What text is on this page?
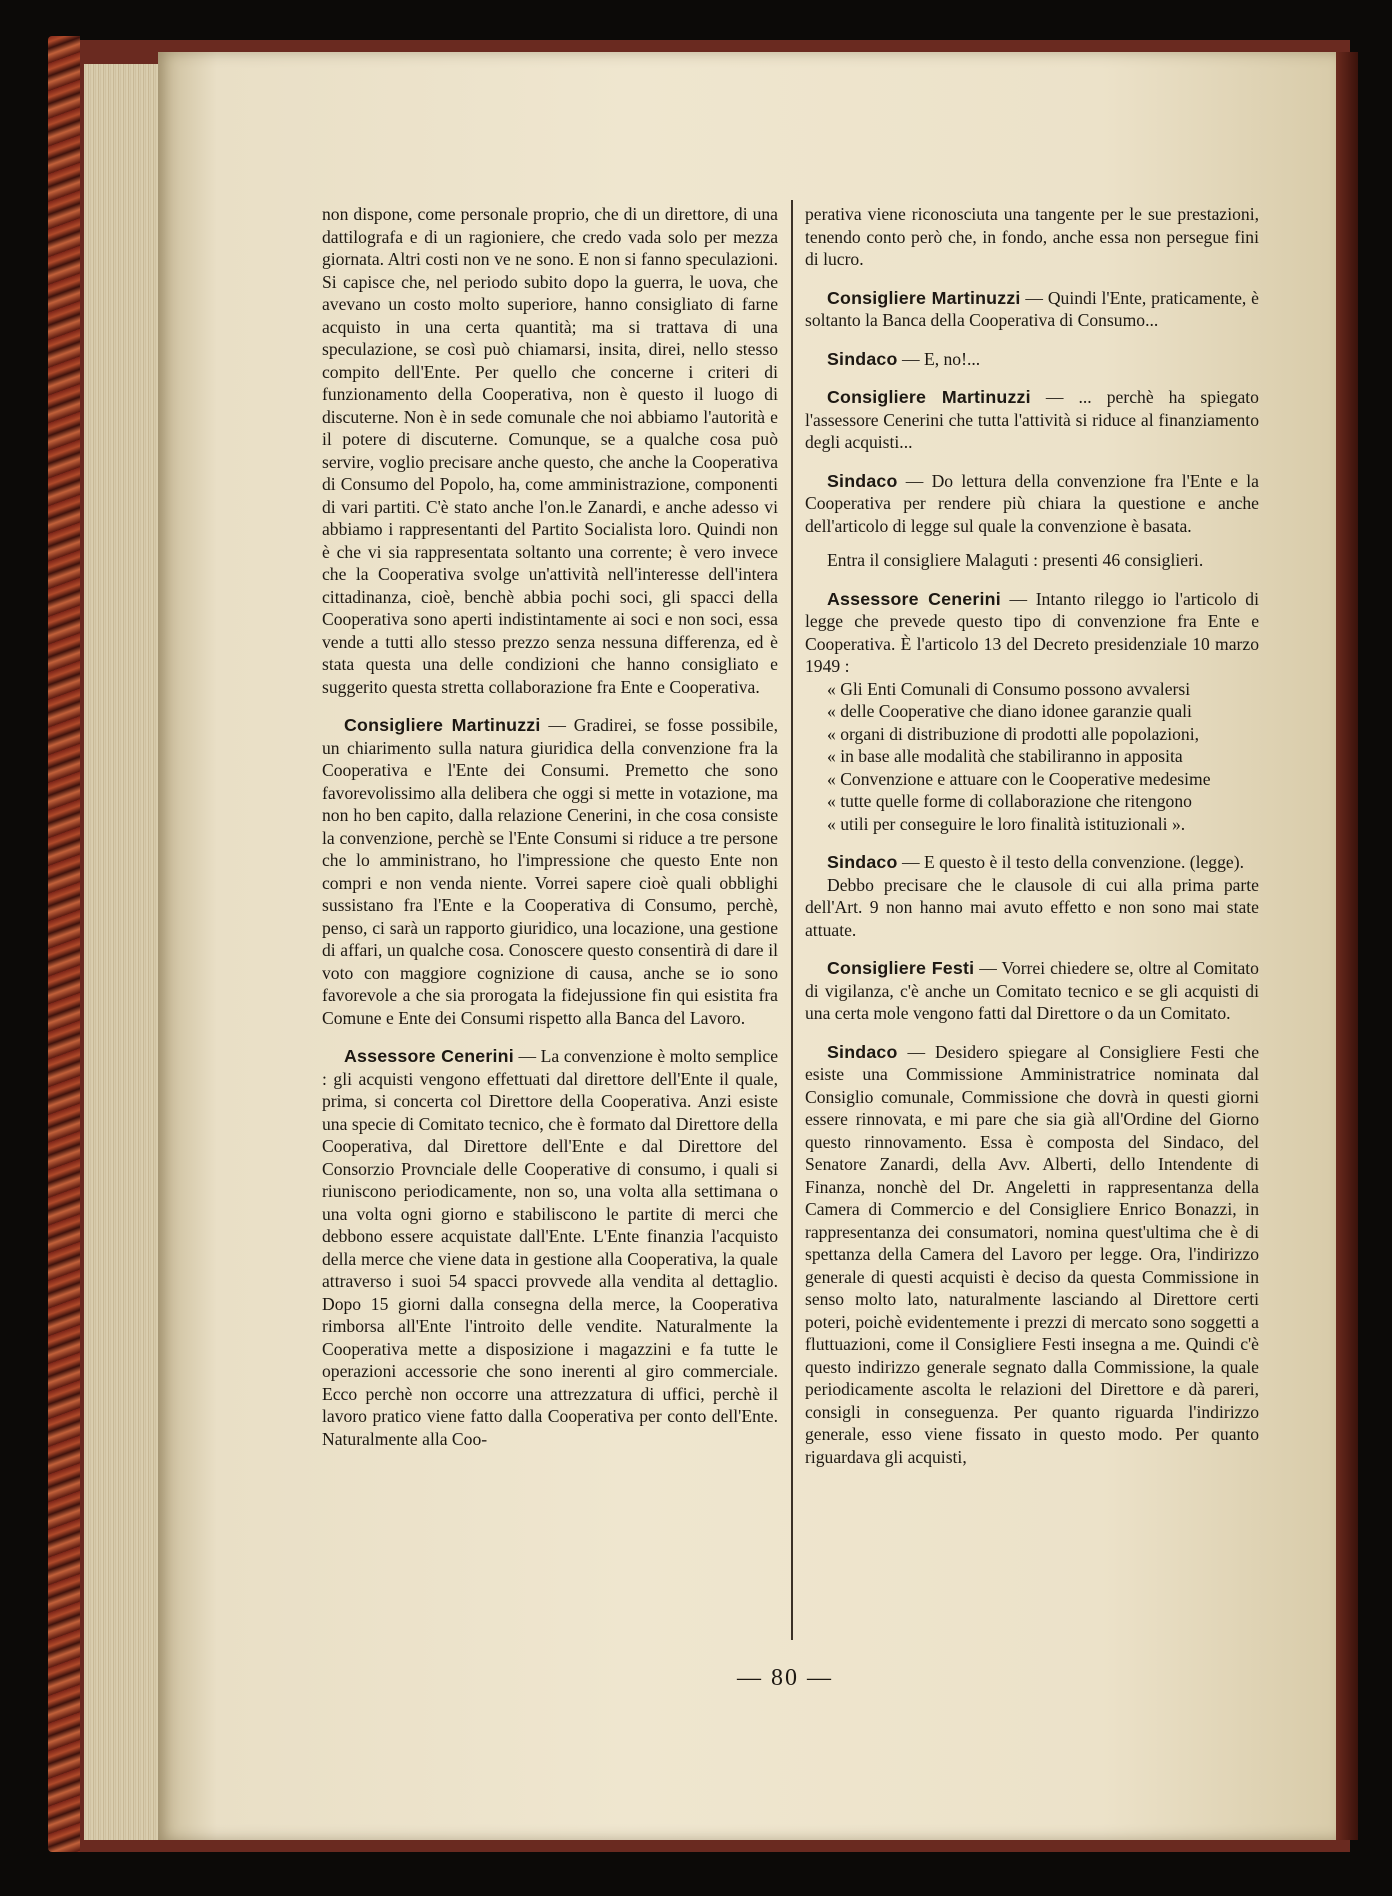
non dispone, come personale proprio, che di un direttore, di una dattilografa e di un ragioniere, che credo vada solo per mezza giornata. Altri costi non ve ne sono. E non si fanno speculazioni. Si capisce che, nel periodo subito dopo la guerra, le uova, che avevano un costo molto superiore, hanno consigliato di farne acquisto in una certa quantità; ma si trattava di una speculazione, se così può chiamarsi, insita, direi, nello stesso compito dell'Ente. Per quello che concerne i criteri di funzionamento della Cooperativa, non è questo il luogo di discuterne. Non è in sede comunale che noi abbiamo l'autorità e il potere di discuterne. Comunque, se a qualche cosa può servire, voglio precisare anche questo, che anche la Cooperativa di Consumo del Popolo, ha, come amministrazione, componenti di vari partiti. C'è stato anche l'on.le Zanardi, e anche adesso vi abbiamo i rappresentanti del Partito Socialista loro. Quindi non è che vi sia rappresentata soltanto una corrente; è vero invece che la Cooperativa svolge un'attività nell'interesse dell'intera cittadinanza, cioè, benchè abbia pochi soci, gli spacci della Cooperativa sono aperti indistintamente ai soci e non soci, essa vende a tutti allo stesso prezzo senza nessuna differenza, ed è stata questa una delle condizioni che hanno consigliato e suggerito questa stretta collaborazione fra Ente e Cooperativa.

Consigliere Martinuzzi — Gradirei, se fosse possibile, un chiarimento sulla natura giuridica della convenzione fra la Cooperativa e l'Ente dei Consumi. Premetto che sono favorevolissimo alla delibera che oggi si mette in votazione, ma non ho ben capito, dalla relazione Cenerini, in che cosa consiste la convenzione, perchè se l'Ente Consumi si riduce a tre persone che lo amministrano, ho l'impressione che questo Ente non compri e non venda niente. Vorrei sapere cioè quali obblighi sussistano fra l'Ente e la Cooperativa di Consumo, perchè, penso, ci sarà un rapporto giuridico, una locazione, una gestione di affari, un qualche cosa. Conoscere questo consentirà di dare il voto con maggiore cognizione di causa, anche se io sono favorevole a che sia prorogata la fidejussione fin qui esistita fra Comune e Ente dei Consumi rispetto alla Banca del Lavoro.

Assessore Cenerini — La convenzione è molto semplice : gli acquisti vengono effettuati dal direttore dell'Ente il quale, prima, si concerta col Direttore della Cooperativa. Anzi esiste una specie di Comitato tecnico, che è formato dal Direttore della Cooperativa, dal Direttore dell'Ente e dal Direttore del Consorzio Provnciale delle Cooperative di consumo, i quali si riuniscono periodicamente, non so, una volta alla settimana o una volta ogni giorno e stabiliscono le partite di merci che debbono essere acquistate dall'Ente. L'Ente finanzia l'acquisto della merce che viene data in gestione alla Cooperativa, la quale attraverso i suoi 54 spacci provvede alla vendita al dettaglio. Dopo 15 giorni dalla consegna della merce, la Cooperativa rimborsa all'Ente l'introito delle vendite. Naturalmente la Cooperativa mette a disposizione i magazzini e fa tutte le operazioni accessorie che sono inerenti al giro commerciale. Ecco perchè non occorre una attrezzatura di uffici, perchè il lavoro pratico viene fatto dalla Cooperativa per conto dell'Ente. Naturalmente alla Coo-

perativa viene riconosciuta una tangente per le sue prestazioni, tenendo conto però che, in fondo, anche essa non persegue fini di lucro.

Consigliere Martinuzzi — Quindi l'Ente, praticamente, è soltanto la Banca della Cooperativa di Consumo...

Sindaco — E, no!...

Consigliere Martinuzzi — ... perchè ha spiegato l'assessore Cenerini che tutta l'attività si riduce al finanziamento degli acquisti...

Sindaco — Do lettura della convenzione fra l'Ente e la Cooperativa per rendere più chiara la questione e anche dell'articolo di legge sul quale la convenzione è basata.

Entra il consigliere Malaguti : presenti 46 consiglieri.

Assessore Cenerini — Intanto rileggo io l'articolo di legge che prevede questo tipo di convenzione fra Ente e Cooperativa. È l'articolo 13 del Decreto presidenziale 10 marzo 1949 :

« Gli Enti Comunali di Consumo possono avvalersi

« delle Cooperative che diano idonee garanzie quali

« organi di distribuzione di prodotti alle popolazioni,

« in base alle modalità che stabiliranno in apposita

« Convenzione e attuare con le Cooperative medesime

« tutte quelle forme di collaborazione che ritengono

« utili per conseguire le loro finalità istituzionali ».

Sindaco — E questo è il testo della convenzione. (legge).

Debbo precisare che le clausole di cui alla prima parte dell'Art. 9 non hanno mai avuto effetto e non sono mai state attuate.

Consigliere Festi — Vorrei chiedere se, oltre al Comitato di vigilanza, c'è anche un Comitato tecnico e se gli acquisti di una certa mole vengono fatti dal Direttore o da un Comitato.

Sindaco — Desidero spiegare al Consigliere Festi che esiste una Commissione Amministratrice nominata dal Consiglio comunale, Commissione che dovrà in questi giorni essere rinnovata, e mi pare che sia già all'Ordine del Giorno questo rinnovamento. Essa è composta del Sindaco, del Senatore Zanardi, della Avv. Alberti, dello Intendente di Finanza, nonchè del Dr. Angeletti in rappresentanza della Camera di Commercio e del Consigliere Enrico Bonazzi, in rappresentanza dei consumatori, nomina quest'ultima che è di spettanza della Camera del Lavoro per legge. Ora, l'indirizzo generale di questi acquisti è deciso da questa Commissione in senso molto lato, naturalmente lasciando al Direttore certi poteri, poichè evidentemente i prezzi di mercato sono soggetti a fluttuazioni, come il Consigliere Festi insegna a me. Quindi c'è questo indirizzo generale segnato dalla Commissione, la quale periodicamente ascolta le relazioni del Direttore e dà pareri, consigli in conseguenza. Per quanto riguarda l'indirizzo generale, esso viene fissato in questo modo. Per quanto riguardava gli acquisti,

— 80 —
